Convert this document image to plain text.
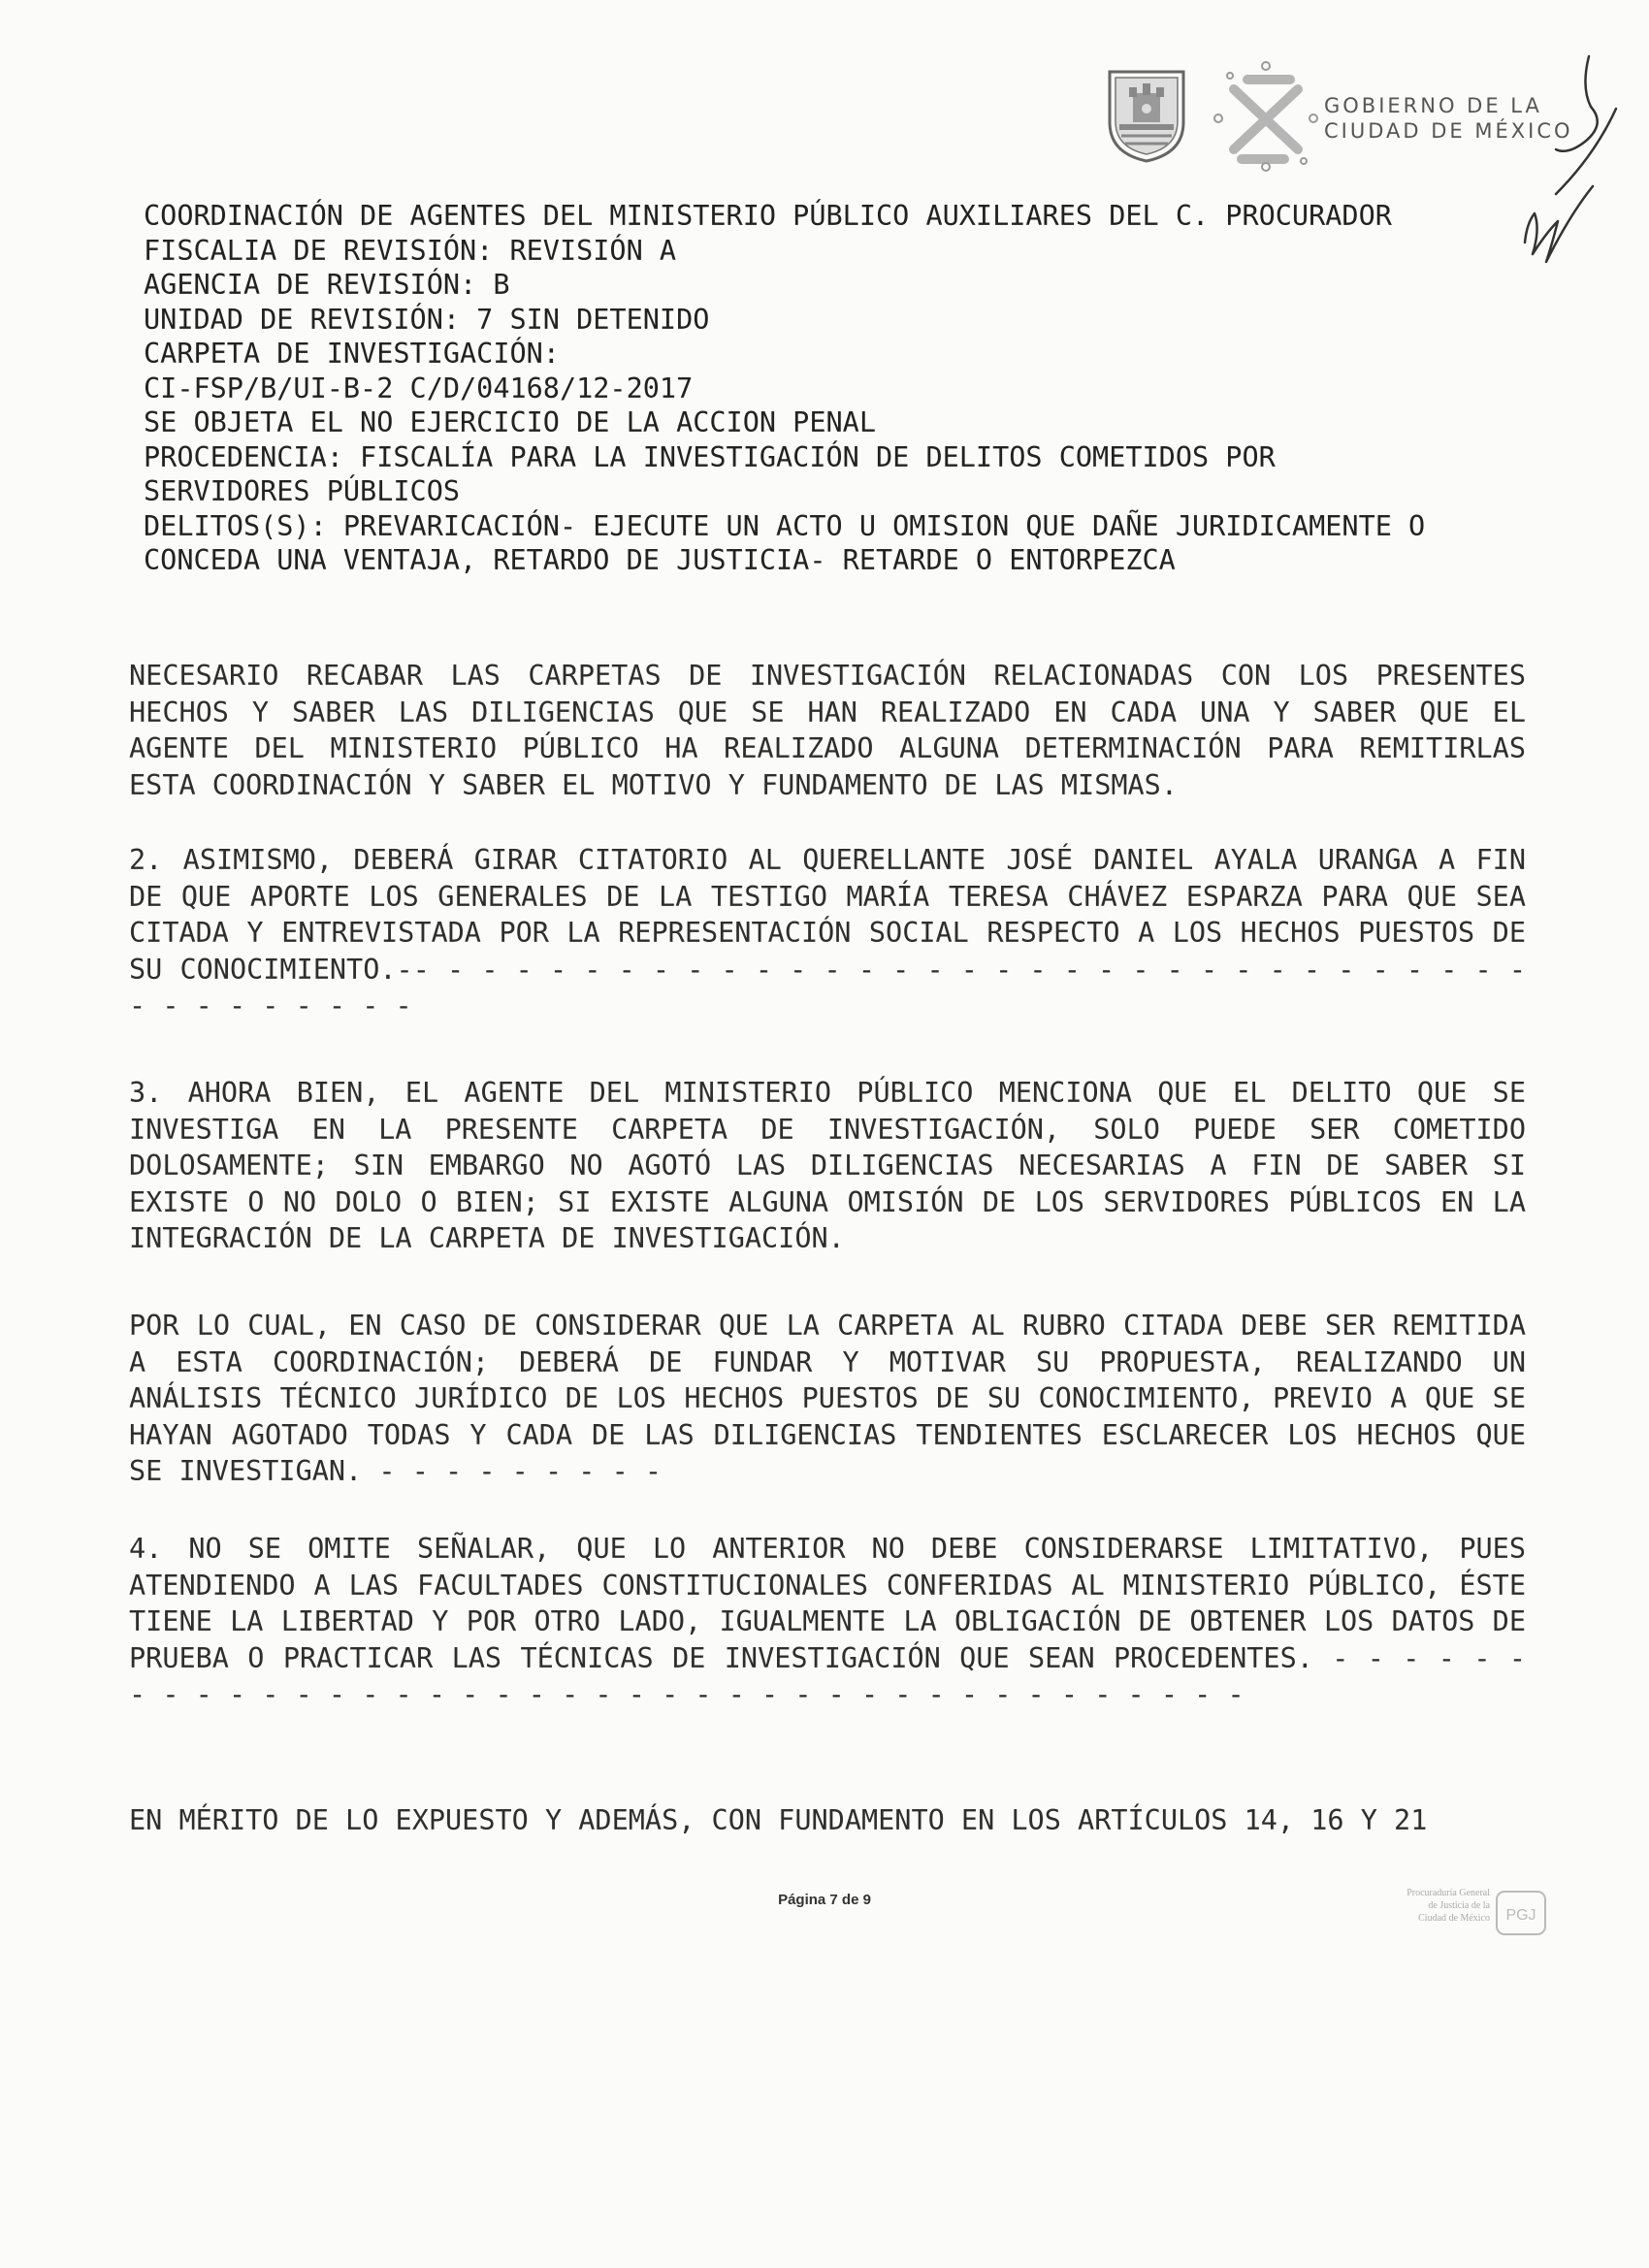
GOBIERNO DE LA
CIUDAD DE MÉXICO
COORDINACIÓN DE AGENTES DEL MINISTERIO PÚBLICO AUXILIARES DEL C. PROCURADOR
FISCALIA DE REVISIÓN: REVISIÓN A
AGENCIA DE REVISIÓN: B
UNIDAD DE REVISIÓN: 7 SIN DETENIDO
CARPETA DE INVESTIGACIÓN:
CI-FSP/B/UI-B-2 C/D/04168/12-2017
SE OBJETA EL NO EJERCICIO DE LA ACCION PENAL
PROCEDENCIA: FISCALÍA PARA LA INVESTIGACIÓN DE DELITOS COMETIDOS POR
SERVIDORES PÚBLICOS
DELITOS(S): PREVARICACIÓN- EJECUTE UN ACTO U OMISION QUE DAÑE JURIDICAMENTE O
CONCEDA UNA VENTAJA, RETARDO DE JUSTICIA- RETARDE O ENTORPEZCA
NECESARIO RECABAR LAS CARPETAS DE INVESTIGACIÓN RELACIONADAS CON LOS PRESENTES HECHOS Y SABER LAS DILIGENCIAS QUE SE HAN REALIZADO EN CADA UNA Y SABER QUE EL AGENTE DEL MINISTERIO PÚBLICO HA REALIZADO ALGUNA DETERMINACIÓN PARA REMITIRLAS ESTA COORDINACIÓN Y SABER EL MOTIVO Y FUNDAMENTO DE LAS MISMAS.
2. ASIMISMO, DEBERÁ GIRAR CITATORIO AL QUERELLANTE JOSÉ DANIEL AYALA URANGA A FIN DE QUE APORTE LOS GENERALES DE LA TESTIGO MARÍA TERESA CHÁVEZ ESPARZA PARA QUE SEA CITADA Y ENTREVISTADA POR LA REPRESENTACIÓN SOCIAL RESPECTO A LOS HECHOS PUESTOS DE SU CONOCIMIENTO.-- - - - - - - - - - - - - - - - - - - - - - - - - - - - - - - - - - - - - - - - - -
3. AHORA BIEN, EL AGENTE DEL MINISTERIO PÚBLICO MENCIONA QUE EL DELITO QUE SE INVESTIGA EN LA PRESENTE CARPETA DE INVESTIGACIÓN, SOLO PUEDE SER COMETIDO DOLOSAMENTE; SIN EMBARGO NO AGOTÓ LAS DILIGENCIAS NECESARIAS A FIN DE SABER SI EXISTE O NO DOLO O BIEN; SI EXISTE ALGUNA OMISIÓN DE LOS SERVIDORES PÚBLICOS EN LA INTEGRACIÓN DE LA CARPETA DE INVESTIGACIÓN.
POR LO CUAL, EN CASO DE CONSIDERAR QUE LA CARPETA AL RUBRO CITADA DEBE SER REMITIDA A ESTA COORDINACIÓN; DEBERÁ DE FUNDAR Y MOTIVAR SU PROPUESTA, REALIZANDO UN ANÁLISIS TÉCNICO JURÍDICO DE LOS HECHOS PUESTOS DE SU CONOCIMIENTO, PREVIO A QUE SE HAYAN AGOTADO TODAS Y CADA DE LAS DILIGENCIAS TENDIENTES ESCLARECER LOS HECHOS QUE SE INVESTIGAN. - - - - - - - - -
4. NO SE OMITE SEÑALAR, QUE LO ANTERIOR NO DEBE CONSIDERARSE LIMITATIVO, PUES ATENDIENDO A LAS FACULTADES CONSTITUCIONALES CONFERIDAS AL MINISTERIO PÚBLICO, ÉSTE TIENE LA LIBERTAD Y POR OTRO LADO, IGUALMENTE LA OBLIGACIÓN DE OBTENER LOS DATOS DE PRUEBA O PRACTICAR LAS TÉCNICAS DE INVESTIGACIÓN QUE SEAN PROCEDENTES. - - - - - - - - - - - - - - - - - - - - - - - - - - - - - - - - - - - - - - - -
EN MÉRITO DE LO EXPUESTO Y ADEMÁS, CON FUNDAMENTO EN LOS ARTÍCULOS 14, 16 Y 21
Página 7 de 9	Procuraduría General
de Justicia de la
Ciudad de México PGJ
